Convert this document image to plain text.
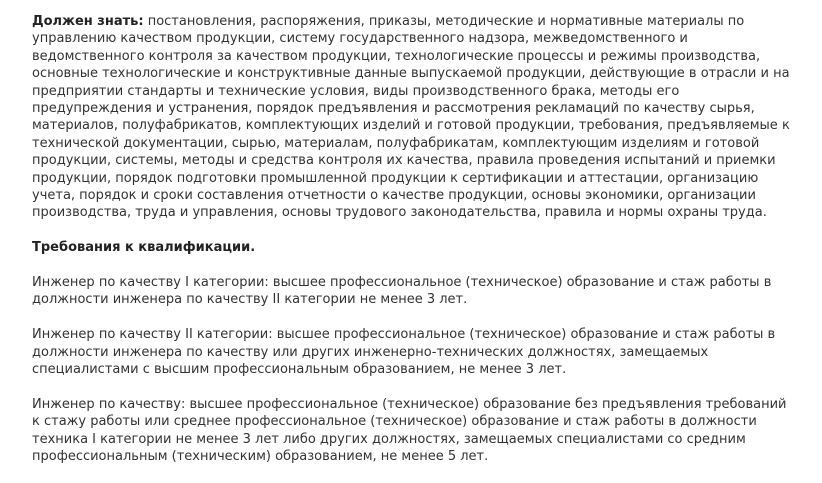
Должен знать: постановления, распоряжения, приказы, методические и нормативные материалы по управлению качеством продукции, систему государственного надзора, межведомственного и ведомственного контроля за качеством продукции, технологические процессы и режимы производства, основные технологические и конструктивные данные выпускаемой продукции, действующие в отрасли и на предприятии стандарты и технические условия, виды производственного брака, методы его предупреждения и устранения, порядок предъявления и рассмотрения рекламаций по качеству сырья, материалов, полуфабрикатов, комплектующих изделий и готовой продукции, требования, предъявляемые к технической документации, сырью, материалам, полуфабрикатам, комплектующим изделиям и готовой продукции, системы, методы и средства контроля их качества, правила проведения испытаний и приемки продукции, порядок подготовки промышленной продукции к сертификации и аттестации, организацию учета, порядок и сроки составления отчетности о качестве продукции, основы экономики, организации производства, труда и управления, основы трудового законодательства, правила и нормы охраны труда.

Требования к квалификации.

Инженер по качеству I категории: высшее профессиональное (техническое) образование и стаж работы в должности инженера по качеству II категории не менее 3 лет.

Инженер по качеству II категории: высшее профессиональное (техническое) образование и стаж работы в должности инженера по качеству или других инженерно-технических должностях, замещаемых специалистами с высшим профессиональным образованием, не менее 3 лет.

Инженер по качеству: высшее профессиональное (техническое) образование без предъявления требований к стажу работы или среднее профессиональное (техническое) образование и стаж работы в должности техника I категории не менее 3 лет либо других должностях, замещаемых специалистами со средним профессиональным (техническим) образованием, не менее 5 лет.
